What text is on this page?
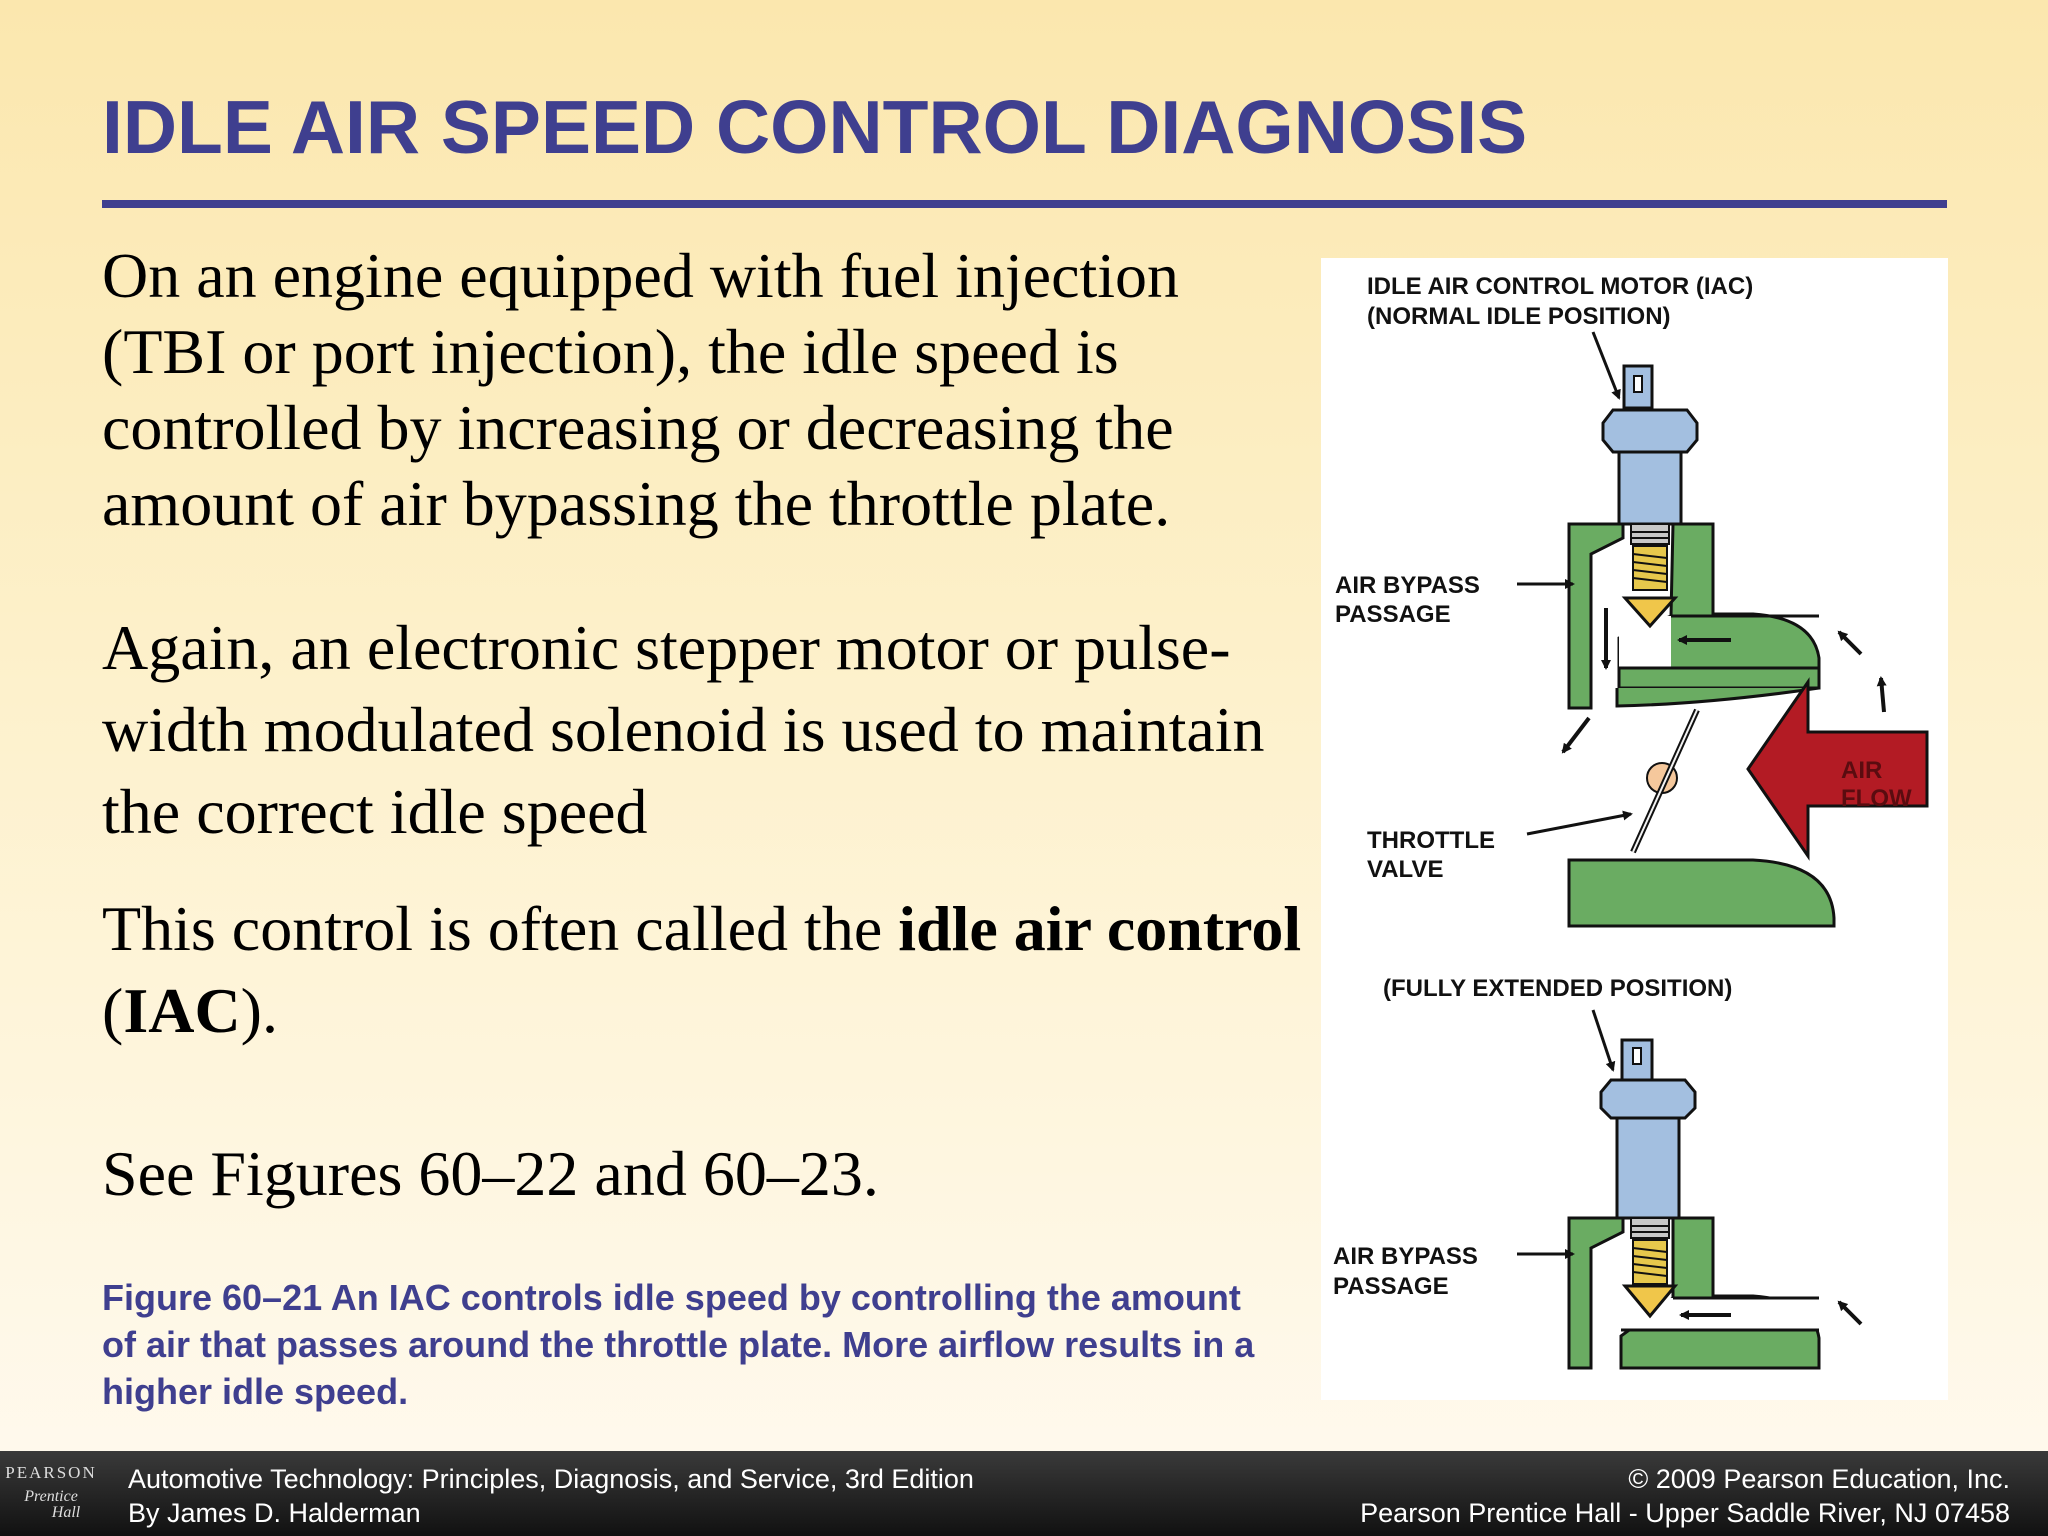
IDLE AIR SPEED CONTROL DIAGNOSIS

On an engine equipped with fuel injection (TBI or port injection), the idle speed is controlled by increasing or decreasing the amount of air bypassing the throttle plate.

Again, an electronic stepper motor or pulse-width modulated solenoid is used to maintain the correct idle speed

This control is often called the idle air control (IAC).

See Figures 60–22 and 60–23.

Figure 60–21 An IAC controls idle speed by controlling the amount of air that passes around the throttle plate. More airflow results in a higher idle speed.
IDLE AIR CONTROL MOTOR (IAC)
(NORMAL IDLE POSITION)
AIR BYPASS
PASSAGE
THROTTLE
VALVE
AIR
FLOW
(FULLY EXTENDED POSITION)
AIR BYPASS
PASSAGE
PEARSON
Prentice
Hall
Automotive Technology: Principles, Diagnosis, and Service, 3rd Edition
By James D. Halderman
© 2009 Pearson Education, Inc.
Pearson Prentice Hall - Upper Saddle River, NJ 07458
